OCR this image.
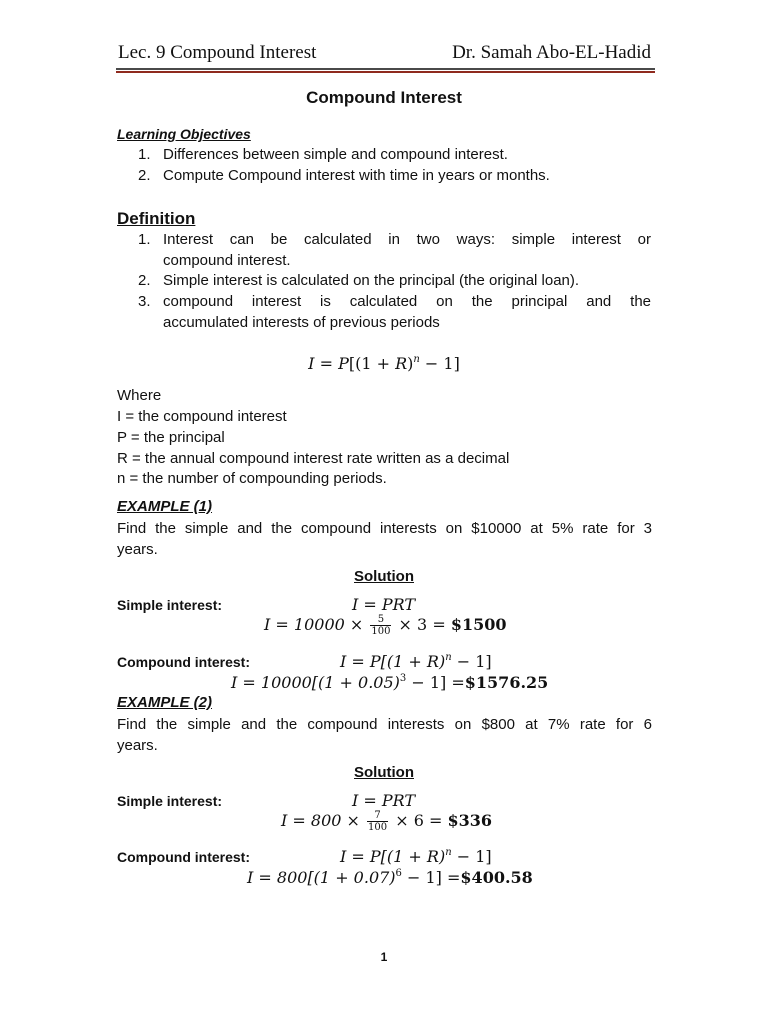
Lec. 9 Compound Interest	Dr. Samah Abo-EL-Hadid
Compound Interest
Learning Objectives
1. Differences between simple and compound interest.
2. Compute Compound interest with time in years or months.
Definition
1. Interest can be calculated in two ways: simple interest or
compound interest.
2. Simple interest is calculated on the principal (the original loan).
3. compound interest is calculated on the principal and the
accumulated interests of previous periods
$I = P[(1 + R)^n - 1]$
Where
I = the compound interest
P = the principal
R = the annual compound interest rate written as a decimal
n = the number of compounding periods.
EXAMPLE (1)
Find the simple and the compound interests on $10000 at 5% rate for 3
years.
Solution
Simple interest:	I = PRT
$I = 10000 \times \frac{5}{100} \times 3$ = $1500
Compound interest:	$I = P[(1 + R)^n - 1]$
$I = 10000[(1 + 0.05)^3 - 1]$ =$1576.25
EXAMPLE (2)
Find the simple and the compound interests on $800 at 7% rate for 6
years.
Solution
Simple interest:	I = PRT
$I = 800 \times \frac{7}{100} \times 6$ = $336
Compound interest:	$I = P[(1 + R)^n - 1]$
$I = 800[(1 + 0.07)^6 - 1]$ =$400.58
1
